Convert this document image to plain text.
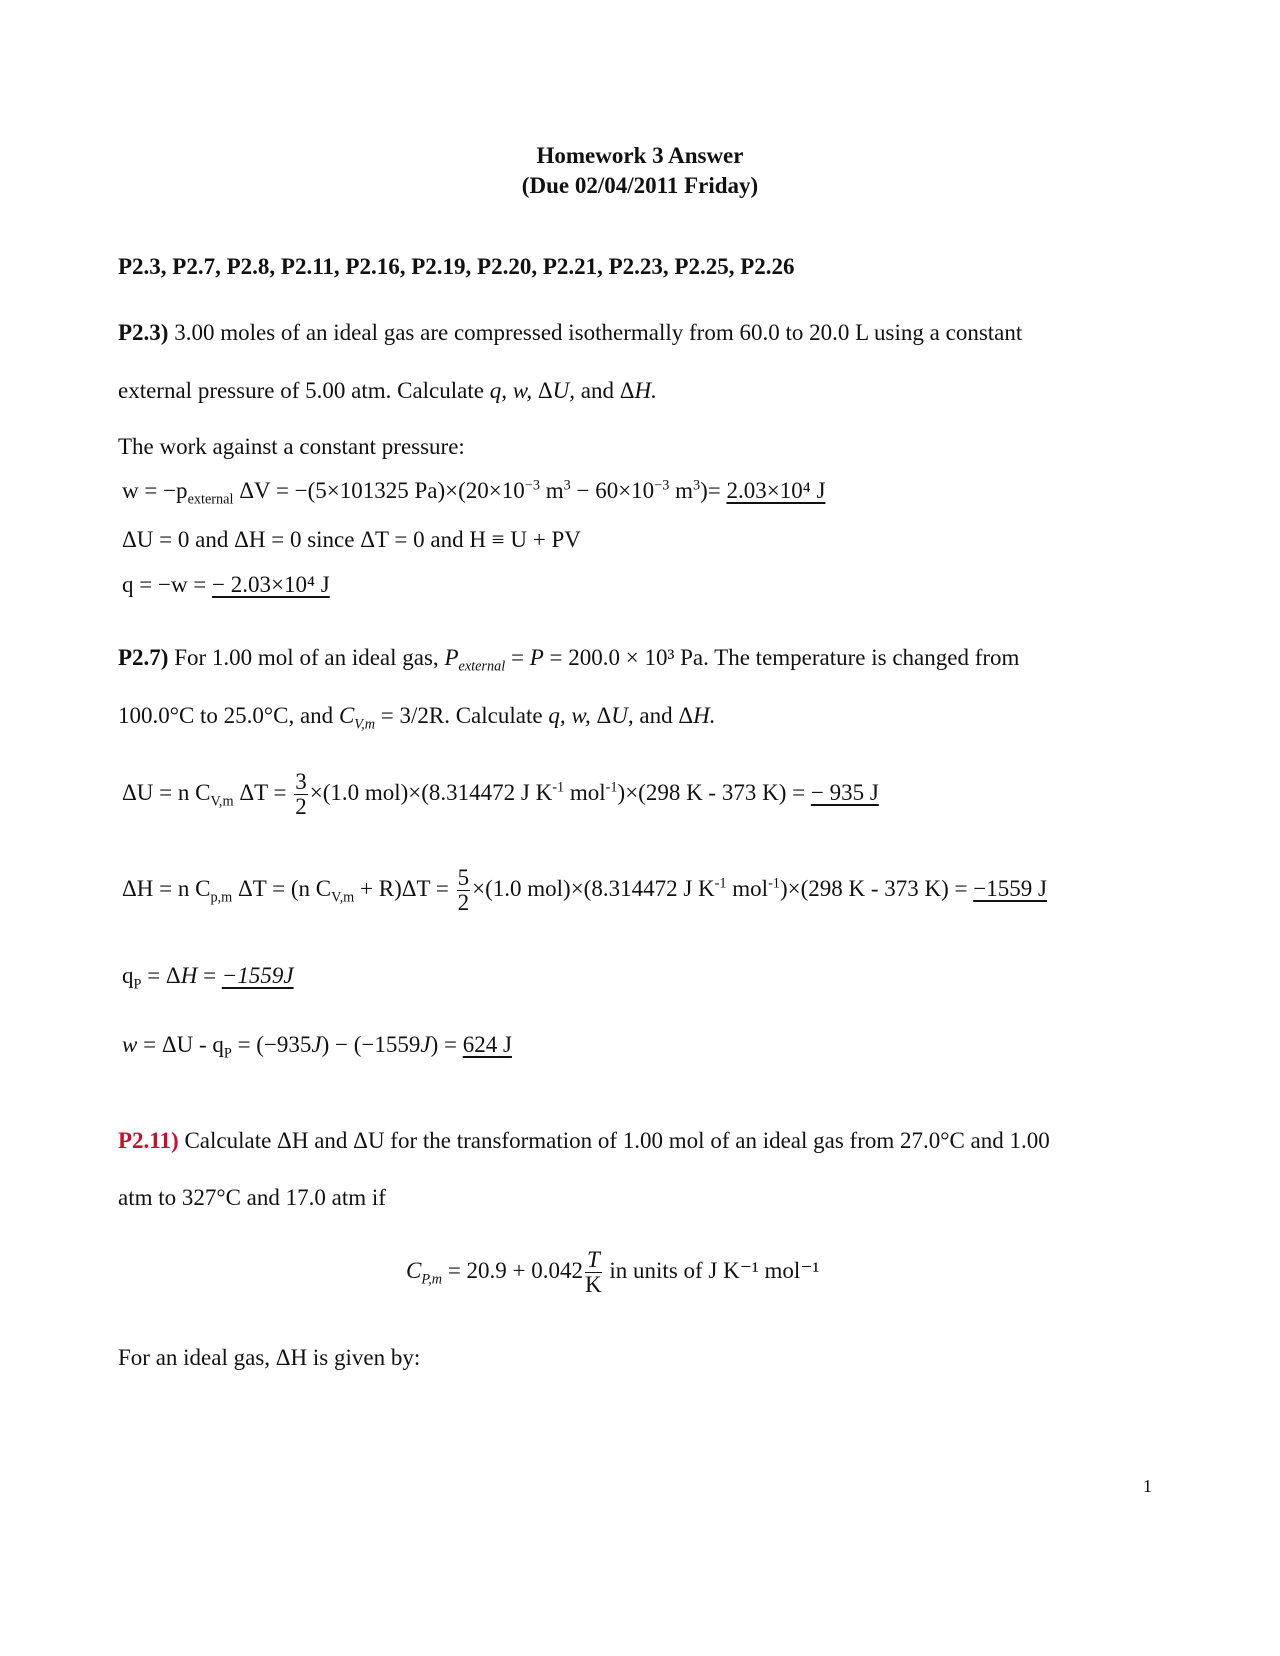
Homework 3 Answer
(Due 02/04/2011 Friday)
P2.3, P2.7, P2.8, P2.11, P2.16, P2.19, P2.20, P2.21, P2.23, P2.25, P2.26
P2.3) 3.00 moles of an ideal gas are compressed isothermally from 60.0 to 20.0 L using a constant
external pressure of 5.00 atm. Calculate q, w, ΔU, and ΔH.
The work against a constant pressure:
$w = -p_{external}$ ΔV = −(5×101325 $Pa)\times(20\times 10^{-3}$ $m^3 - 60\times 10^{-3}$ $m^3)= 2.03\times 10^4$ J
ΔU = 0 and ΔH = 0 since ΔT = 0 and H ≡ U + PV
q = −w = − 2.03×10⁴ J
P2.7) For 1.00 mol of an ideal gas, $P_{external} = P = 200.0 \times 10^3$ Pa. The temperature is changed from
100.0°C to 25.0°C, and $C_{V,m} = 3/2R$. Calculate q, w, ΔU, and ΔH.
ΔU = n $C_{V,m}$ $\Delta T = \frac{3}{2} \times(1.0$ mol)×(8.314472 J $K^{-1}$ mol$^{-1}$)×(298 K - 373 K) = − 935 J
ΔH = n $C_{p,m}$ ΔT = (n $C_{V,m} + R)\Delta T = \frac{5}{2} \times(1.0$ mol)×(8.314472 J $K^{-1}$ mol$^{-1}$)×(298 K - 373 K) = −1559 J
$q_P = \Delta H = -1559J$
$w = \Delta U - q_P = (-935J) - (-1559J) = 624$ J
P2.11) Calculate ΔH and ΔU for the transformation of 1.00 mol of an ideal gas from 27.0°C and 1.00
atm to 327°C and 17.0 atm if
$C_{P,m} = 20.9 + 0.042 \frac{T}{K}$ in units of J K⁻¹ mol⁻¹
For an ideal gas, ΔH is given by:
1
